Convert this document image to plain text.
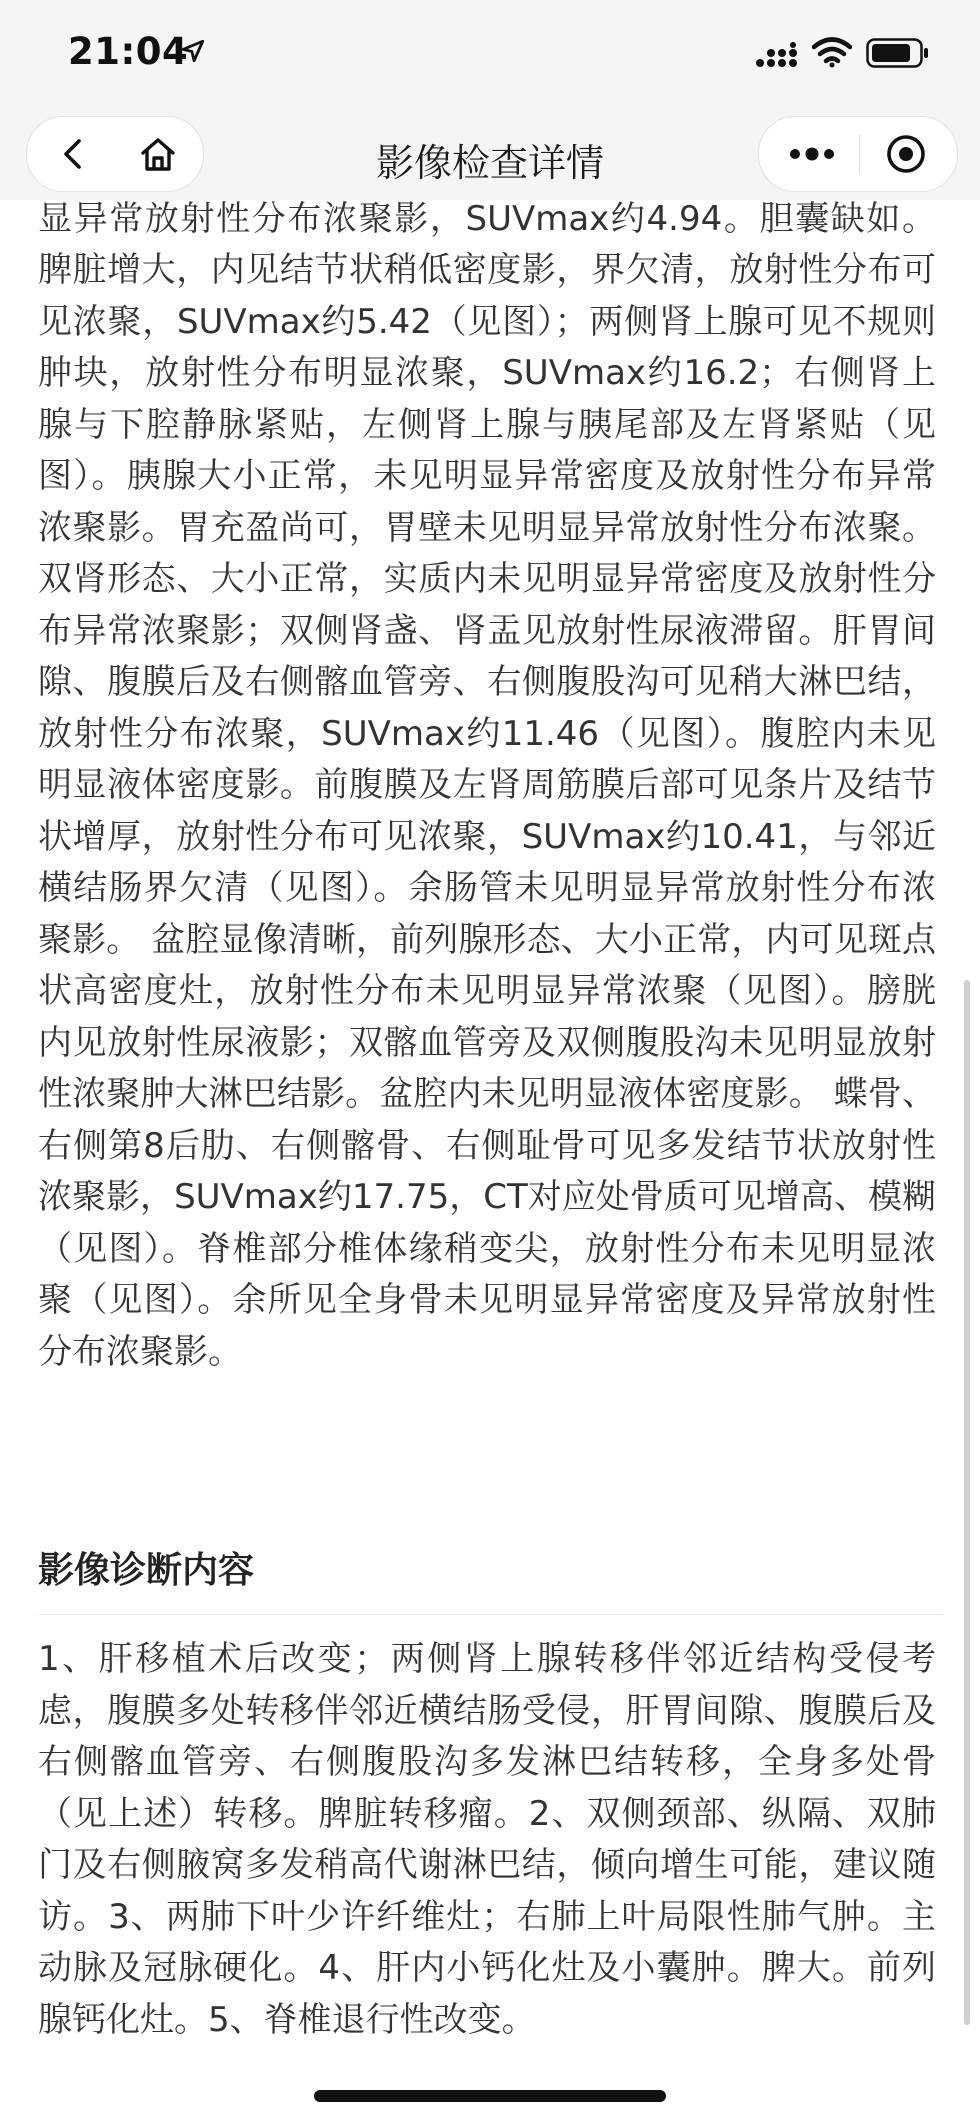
21:04
影像检查详情

显异常放射性分布浓聚影，SUVmax约4.94。胆囊缺如。脾脏增大，内见结节状稍低密度影，界欠清，放射性分布可见浓聚，SUVmax约5.42（见图）；两侧肾上腺可见不规则肿块，放射性分布明显浓聚，SUVmax约16.2；右侧肾上腺与下腔静脉紧贴，左侧肾上腺与胰尾部及左肾紧贴（见图）。胰腺大小正常，未见明显异常密度及放射性分布异常浓聚影。胃充盈尚可，胃壁未见明显异常放射性分布浓聚。双肾形态、大小正常，实质内未见明显异常密度及放射性分布异常浓聚影；双侧肾盏、肾盂见放射性尿液滞留。肝胃间隙、腹膜后及右侧髂血管旁、右侧腹股沟可见稍大淋巴结，放射性分布浓聚，SUVmax约11.46（见图）。腹腔内未见明显液体密度影。前腹膜及左肾周筋膜后部可见条片及结节状增厚，放射性分布可见浓聚，SUVmax约10.41，与邻近横结肠界欠清（见图）。余肠管未见明显异常放射性分布浓聚影。 盆腔显像清晰，前列腺形态、大小正常，内可见斑点状高密度灶，放射性分布未见明显异常浓聚（见图）。膀胱内见放射性尿液影；双髂血管旁及双侧腹股沟未见明显放射性浓聚肿大淋巴结影。盆腔内未见明显液体密度影。 蝶骨、右侧第8后肋、右侧髂骨、右侧耻骨可见多发结节状放射性浓聚影，SUVmax约17.75，CT对应处骨质可见增高、模糊（见图）。脊椎部分椎体缘稍变尖，放射性分布未见明显浓聚（见图）。余所见全身骨未见明显异常密度及异常放射性分布浓聚影。

影像诊断内容

1、肝移植术后改变；两侧肾上腺转移伴邻近结构受侵考虑，腹膜多处转移伴邻近横结肠受侵，肝胃间隙、腹膜后及右侧髂血管旁、右侧腹股沟多发淋巴结转移，全身多处骨（见上述）转移。脾脏转移瘤。2、双侧颈部、纵隔、双肺门及右侧腋窝多发稍高代谢淋巴结，倾向增生可能，建议随访。3、两肺下叶少许纤维灶；右肺上叶局限性肺气肿。主动脉及冠脉硬化。4、肝内小钙化灶及小囊肿。脾大。前列腺钙化灶。5、脊椎退行性改变。
